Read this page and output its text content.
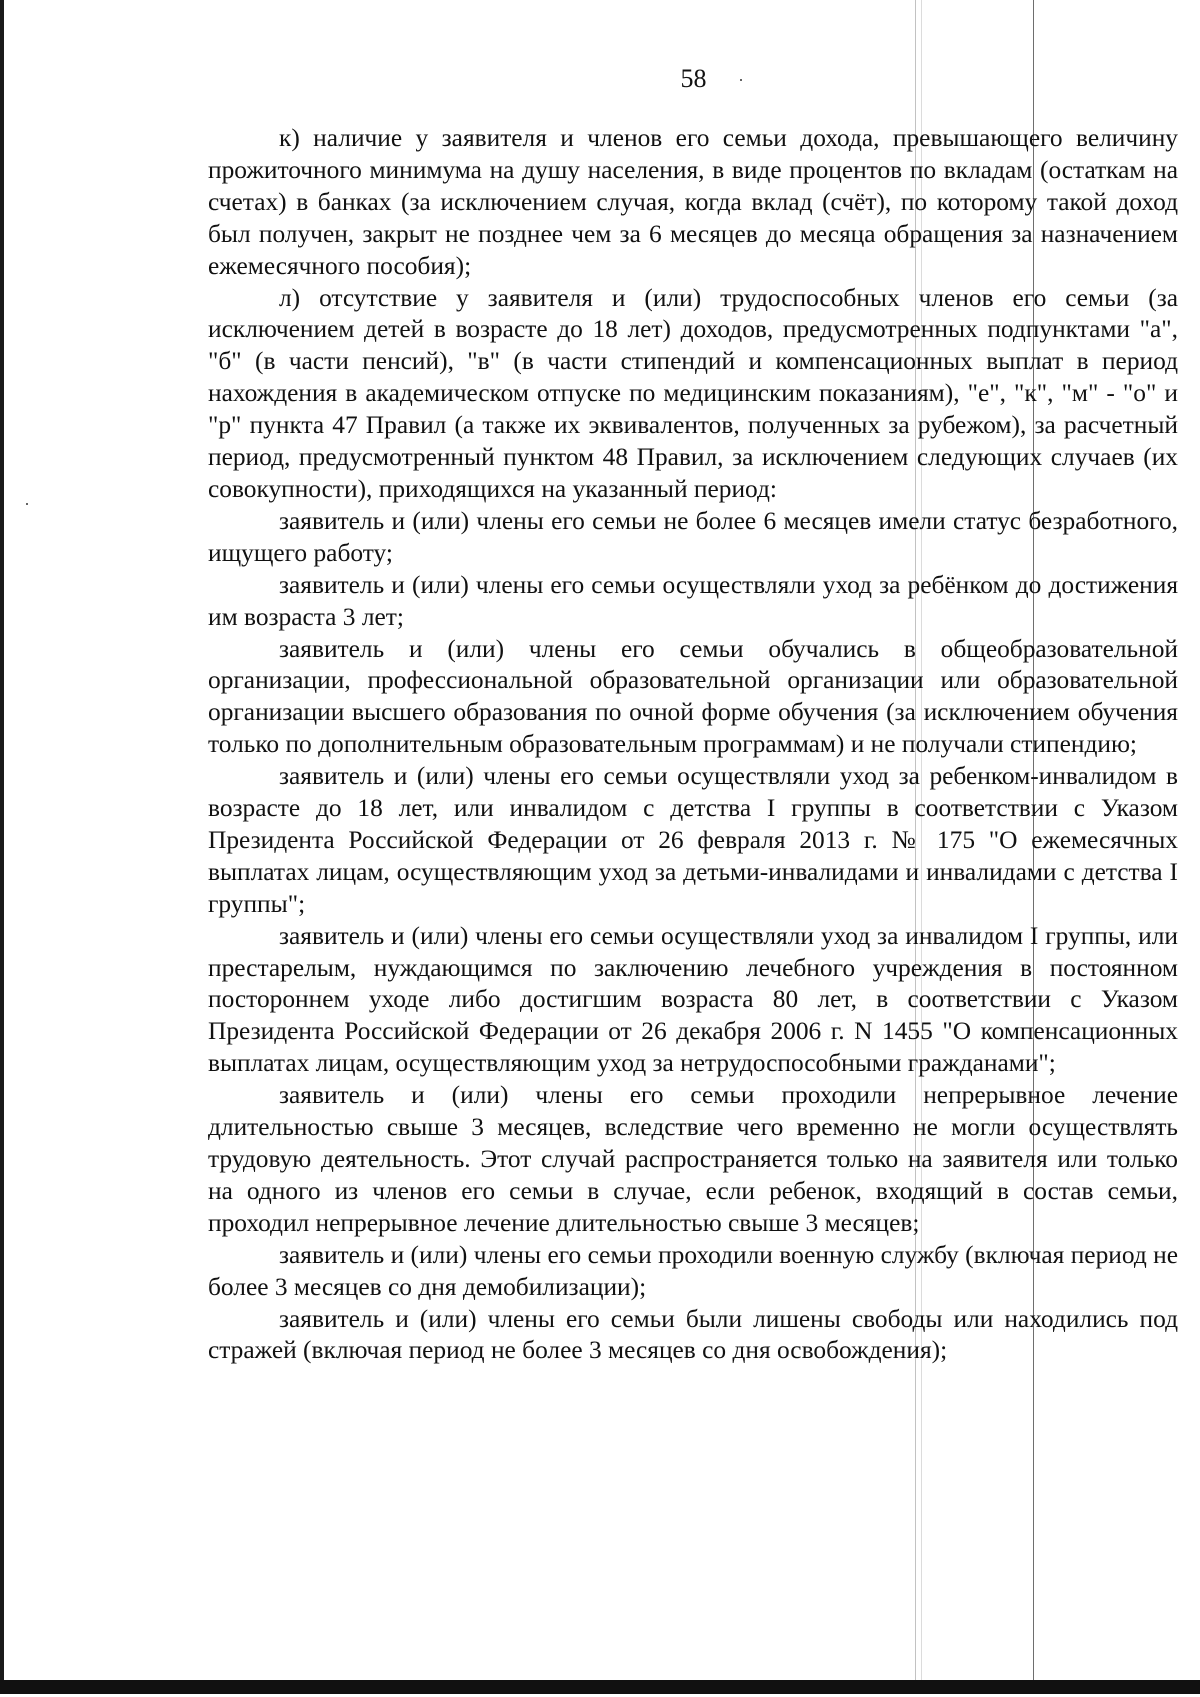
58

к) наличие у заявителя и членов его семьи дохода, превышающего величину прожиточного минимума на душу населения, в виде процентов по вкладам (остаткам на счетах) в банках (за исключением случая, когда вклад (счёт), по которому такой доход был получен, закрыт не позднее чем за 6 месяцев до месяца обращения за назначением ежемесячного пособия);

л) отсутствие у заявителя и (или) трудоспособных членов его семьи (за исключением детей в возрасте до 18 лет) доходов, предусмотренных подпунктами "а", "б" (в части пенсий), "в" (в части стипендий и компенсационных выплат в период нахождения в академическом отпуске по медицинским показаниям), "е", "к", "м" - "о" и "р" пункта 47 Правил (а также их эквивалентов, полученных за рубежом), за расчетный период, предусмотренный пунктом 48 Правил, за исключением следующих случаев (их совокупности), приходящихся на указанный период:

заявитель и (или) члены его семьи не более 6 месяцев имели статус безработного, ищущего работу;

заявитель и (или) члены его семьи осуществляли уход за ребёнком до достижения им возраста 3 лет;

заявитель и (или) члены его семьи обучались в общеобразовательной организации, профессиональной образовательной организации или образовательной организации высшего образования по очной форме обучения (за исключением обучения только по дополнительным образовательным программам) и не получали стипендию;

заявитель и (или) члены его семьи осуществляли уход за ребенком-инвалидом в возрасте до 18 лет, или инвалидом с детства I группы в соответствии с Указом Президента Российской Федерации от 26 февраля 2013 г. № 175 "О ежемесячных выплатах лицам, осуществляющим уход за детьми-инвалидами и инвалидами с детства I группы";

заявитель и (или) члены его семьи осуществляли уход за инвалидом I группы, или престарелым, нуждающимся по заключению лечебного учреждения в постоянном постороннем уходе либо достигшим возраста 80 лет, в соответствии с Указом Президента Российской Федерации от 26 декабря 2006 г. N 1455 "О компенсационных выплатах лицам, осуществляющим уход за нетрудоспособными гражданами";

заявитель и (или) члены его семьи проходили непрерывное лечение длительностью свыше 3 месяцев, вследствие чего временно не могли осуществлять трудовую деятельность. Этот случай распространяется только на заявителя или только на одного из членов его семьи в случае, если ребенок, входящий в состав семьи, проходил непрерывное лечение длительностью свыше 3 месяцев;

заявитель и (или) члены его семьи проходили военную службу (включая период не более 3 месяцев со дня демобилизации);

заявитель и (или) члены его семьи были лишены свободы или находились под стражей (включая период не более 3 месяцев со дня освобождения);
